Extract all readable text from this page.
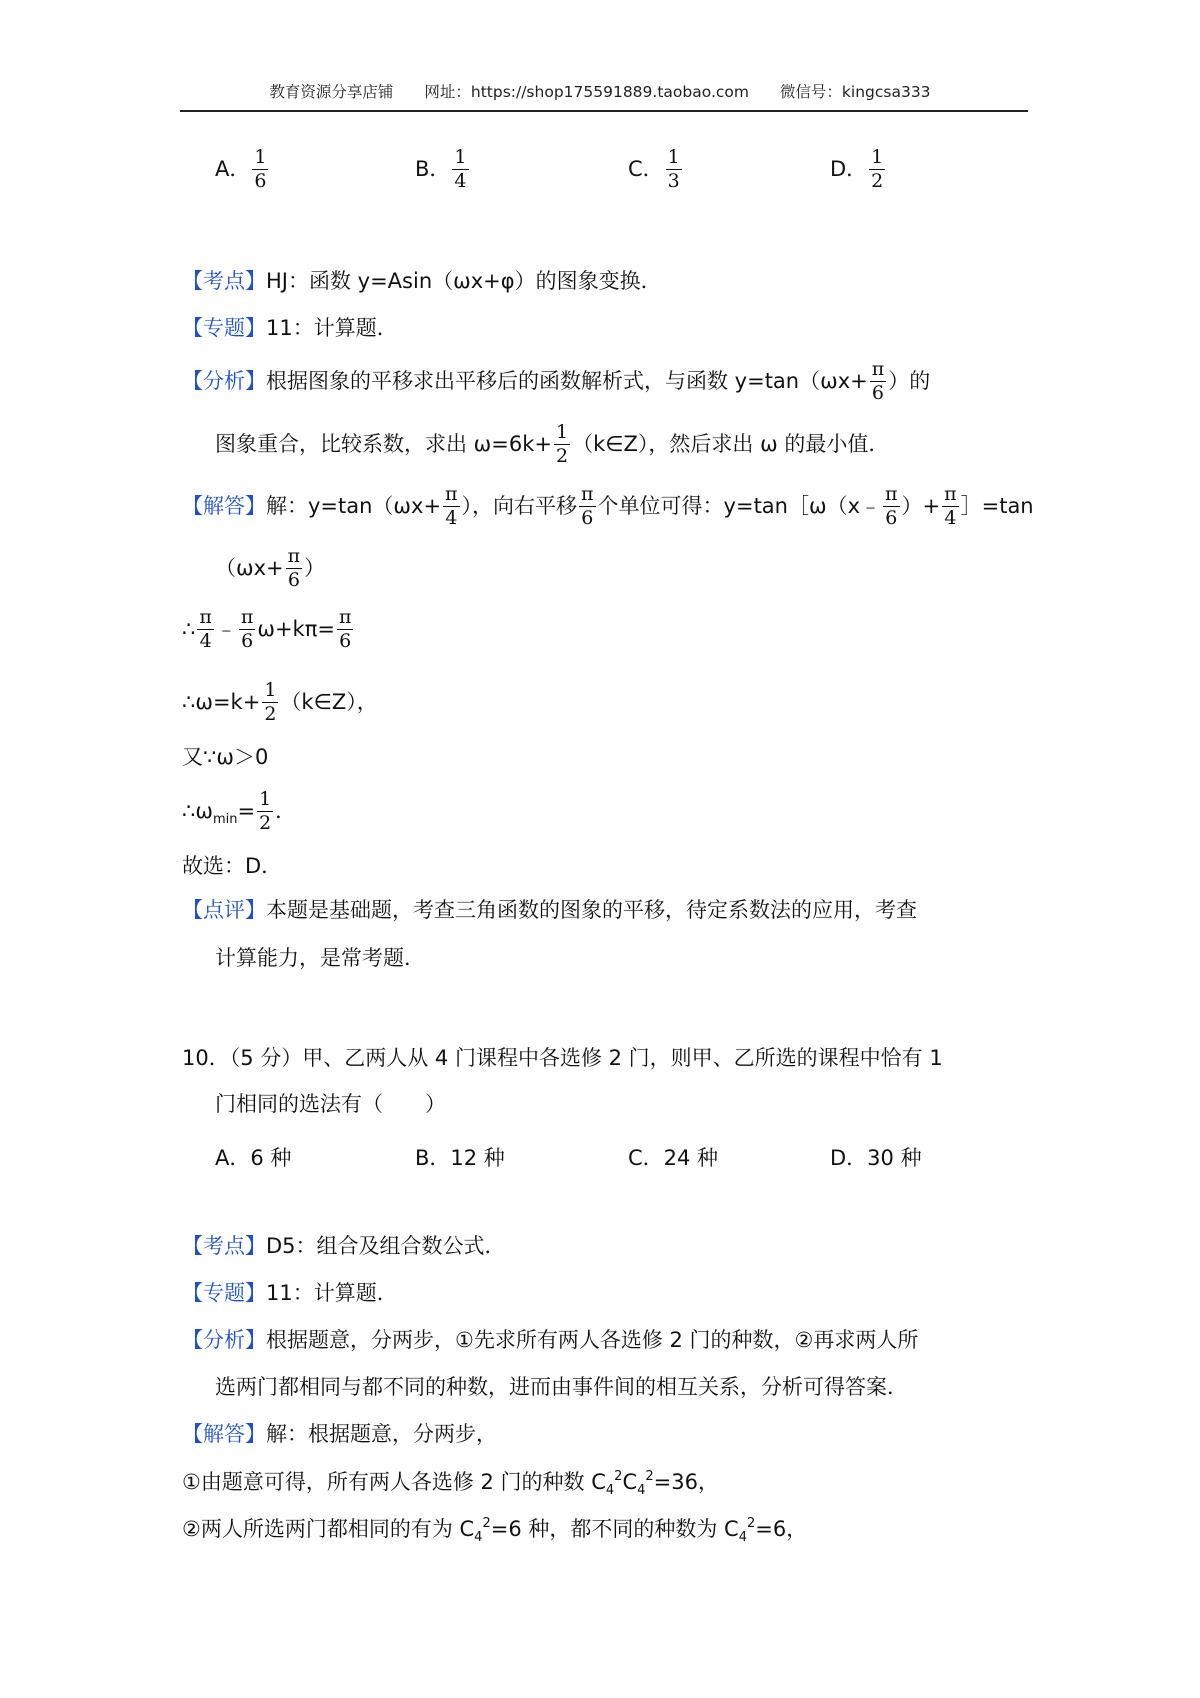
教育资源分享店铺 网址：https://shop175591889.taobao.com 微信号：kingcsa333
A． $\frac{1}{6}$	B． $\frac{1}{4}$	C． $\frac{1}{3}$	D． $\frac{1}{2}$
【考点】HJ：函数 y=Asin（ωx+φ）的图象变换．
【专题】11：计算题．
【分析】根据图象的平移求出平移后的函数解析式，与函数 $y=\tan(\omega x+ \frac{\pi}{6}$ ）的
图象重合，比较系数，求出 $\omega=6k+ \frac{1}{2}$ （k∈Z），然后求出 ω 的最小值．
【解答】解：$y=\tan(\omega x+ \frac{\pi}{4}$ ），向右平移 $\frac{\pi}{6}$ 个单位可得：y=tan［ω（x﹣ $\frac{\pi}{6}$ ）+ $\frac{\pi}{4}$ ］=tan
（$\omega x+ \frac{\pi}{6}$ ）
∴ $\frac{\pi}{4}$ ﹣ $\frac{\pi}{6} \omega+k\pi= \frac{\pi}{6}$
∴ω=k+ $\frac{1}{2}$ （k∈Z），
又∵ω＞0
$\therefore\omega_{min}= \frac{1}{2}$ ．
故选：D．
【点评】本题是基础题，考查三角函数的图象的平移，待定系数法的应用，考查
计算能力，是常考题．
10．（5 分）甲、乙两人从 4 门课程中各选修 2 门，则甲、乙所选的课程中恰有 1
门相同的选法有（　　）
A．6 种	B．12 种	C．24 种	D．30 种
【考点】D5：组合及组合数公式．
【专题】11：计算题．
【分析】根据题意，分两步，①先求所有两人各选修 2 门的种数，②再求两人所
选两门都相同与都不同的种数，进而由事件间的相互关系，分析可得答案．
【解答】解：根据题意，分两步，
①由题意可得，所有两人各选修 2 门的种数 $C_4^2C_4^2=36$，
②两人所选两门都相同的有为 $C_4^2=6$ 种，都不同的种数为 $C_4^2=6$，
